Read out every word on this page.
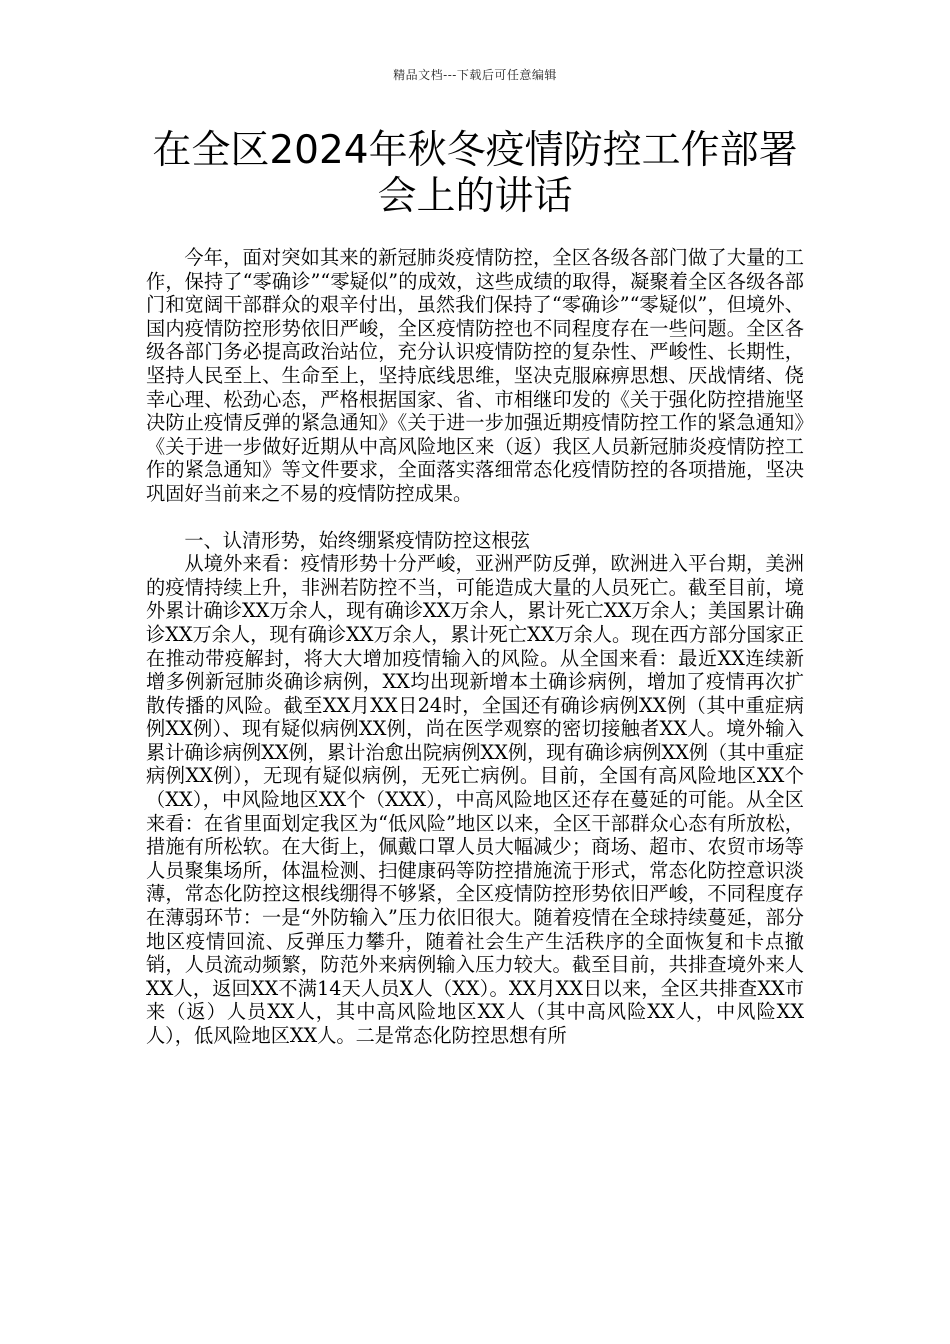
精品文档---下载后可任意编辑
在全区2024年秋冬疫情防控工作部署
会上的讲话

今年，面对突如其来的新冠肺炎疫情防控，全区各级各部门做了大量的工作，保持了“零确诊”“零疑似”的成效，这些成绩的取得，凝聚着全区各级各部门和宽阔干部群众的艰辛付出，虽然我们保持了“零确诊”“零疑似”，但境外、国内疫情防控形势依旧严峻，全区疫情防控也不同程度存在一些问题。全区各级各部门务必提高政治站位，充分认识疫情防控的复杂性、严峻性、长期性，坚持人民至上、生命至上，坚持底线思维，坚决克服麻痹思想、厌战情绪、侥幸心理、松劲心态，严格根据国家、省、市相继印发的《关于强化防控措施坚决防止疫情反弹的紧急通知》《关于进一步加强近期疫情防控工作的紧急通知》《关于进一步做好近期从中高风险地区来（返）我区人员新冠肺炎疫情防控工作的紧急通知》等文件要求，全面落实落细常态化疫情防控的各项措施，坚决巩固好当前来之不易的疫情防控成果。

一、认清形势，始终绷紧疫情防控这根弦

从境外来看：疫情形势十分严峻，亚洲严防反弹，欧洲进入平台期，美洲的疫情持续上升，非洲若防控不当，可能造成大量的人员死亡。截至目前，境外累计确诊XX万余人，现有确诊XX万余人，累计死亡XX万余人；美国累计确诊XX万余人，现有确诊XX万余人，累计死亡XX万余人。现在西方部分国家正在推动带疫解封，将大大增加疫情输入的风险。从全国来看：最近XX连续新增多例新冠肺炎确诊病例，XX均出现新增本土确诊病例，增加了疫情再次扩散传播的风险。截至XX月XX日24时，全国还有确诊病例XX例（其中重症病例XX例）、现有疑似病例XX例，尚在医学观察的密切接触者XX人。境外输入累计确诊病例XX例，累计治愈出院病例XX例，现有确诊病例XX例（其中重症病例XX例），无现有疑似病例，无死亡病例。目前，全国有高风险地区XX个（XX），中风险地区XX个（XXX），中高风险地区还存在蔓延的可能。从全区来看：在省里面划定我区为“低风险”地区以来，全区干部群众心态有所放松，措施有所松软。在大街上，佩戴口罩人员大幅减少；商场、超市、农贸市场等人员聚集场所，体温检测、扫健康码等防控措施流于形式，常态化防控意识淡薄，常态化防控这根线绷得不够紧，全区疫情防控形势依旧严峻，不同程度存在薄弱环节：一是“外防输入”压力依旧很大。随着疫情在全球持续蔓延，部分地区疫情回流、反弹压力攀升，随着社会生产生活秩序的全面恢复和卡点撤销，人员流动频繁，防范外来病例输入压力较大。截至目前，共排查境外来人XX人，返回XX不满14天人员X人（XX）。XX月XX日以来，全区共排查XX市来（返）人员XX人，其中高风险地区XX人（其中高风险XX人，中风险XX人），低风险地区XX人。二是常态化防控思想有所
